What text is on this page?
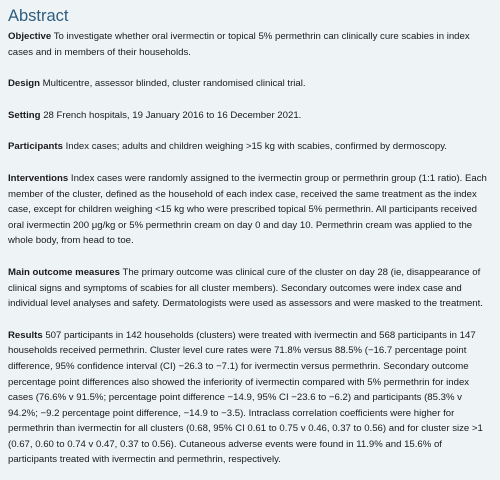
Abstract

Objective To investigate whether oral ivermectin or topical 5% permethrin can clinically cure scabies in index cases and in members of their households.

Design Multicentre, assessor blinded, cluster randomised clinical trial.

Setting 28 French hospitals, 19 January 2016 to 16 December 2021.

Participants Index cases; adults and children weighing >15 kg with scabies, confirmed by dermoscopy.

Interventions Index cases were randomly assigned to the ivermectin group or permethrin group (1:1 ratio). Each member of the cluster, defined as the household of each index case, received the same treatment as the index case, except for children weighing <15 kg who were prescribed topical 5% permethrin. All participants received oral ivermectin 200 μg/kg or 5% permethrin cream on day 0 and day 10. Permethrin cream was applied to the whole body, from head to toe.

Main outcome measures The primary outcome was clinical cure of the cluster on day 28 (ie, disappearance of clinical signs and symptoms of scabies for all cluster members). Secondary outcomes were index case and individual level analyses and safety. Dermatologists were used as assessors and were masked to the treatment.

Results 507 participants in 142 households (clusters) were treated with ivermectin and 568 participants in 147 households received permethrin. Cluster level cure rates were 71.8% versus 88.5% (−16.7 percentage point difference, 95% confidence interval (CI) −26.3 to −7.1) for ivermectin versus permethrin. Secondary outcome percentage point differences also showed the inferiority of ivermectin compared with 5% permethrin for index cases (76.6% v 91.5%; percentage point difference −14.9, 95% CI −23.6 to −6.2) and participants (85.3% v 94.2%; −9.2 percentage point difference, −14.9 to −3.5). Intraclass correlation coefficients were higher for permethrin than ivermectin for all clusters (0.68, 95% CI 0.61 to 0.75 v 0.46, 0.37 to 0.56) and for cluster size >1 (0.67, 0.60 to 0.74 v 0.47, 0.37 to 0.56). Cutaneous adverse events were found in 11.9% and 15.6% of participants treated with ivermectin and permethrin, respectively.
